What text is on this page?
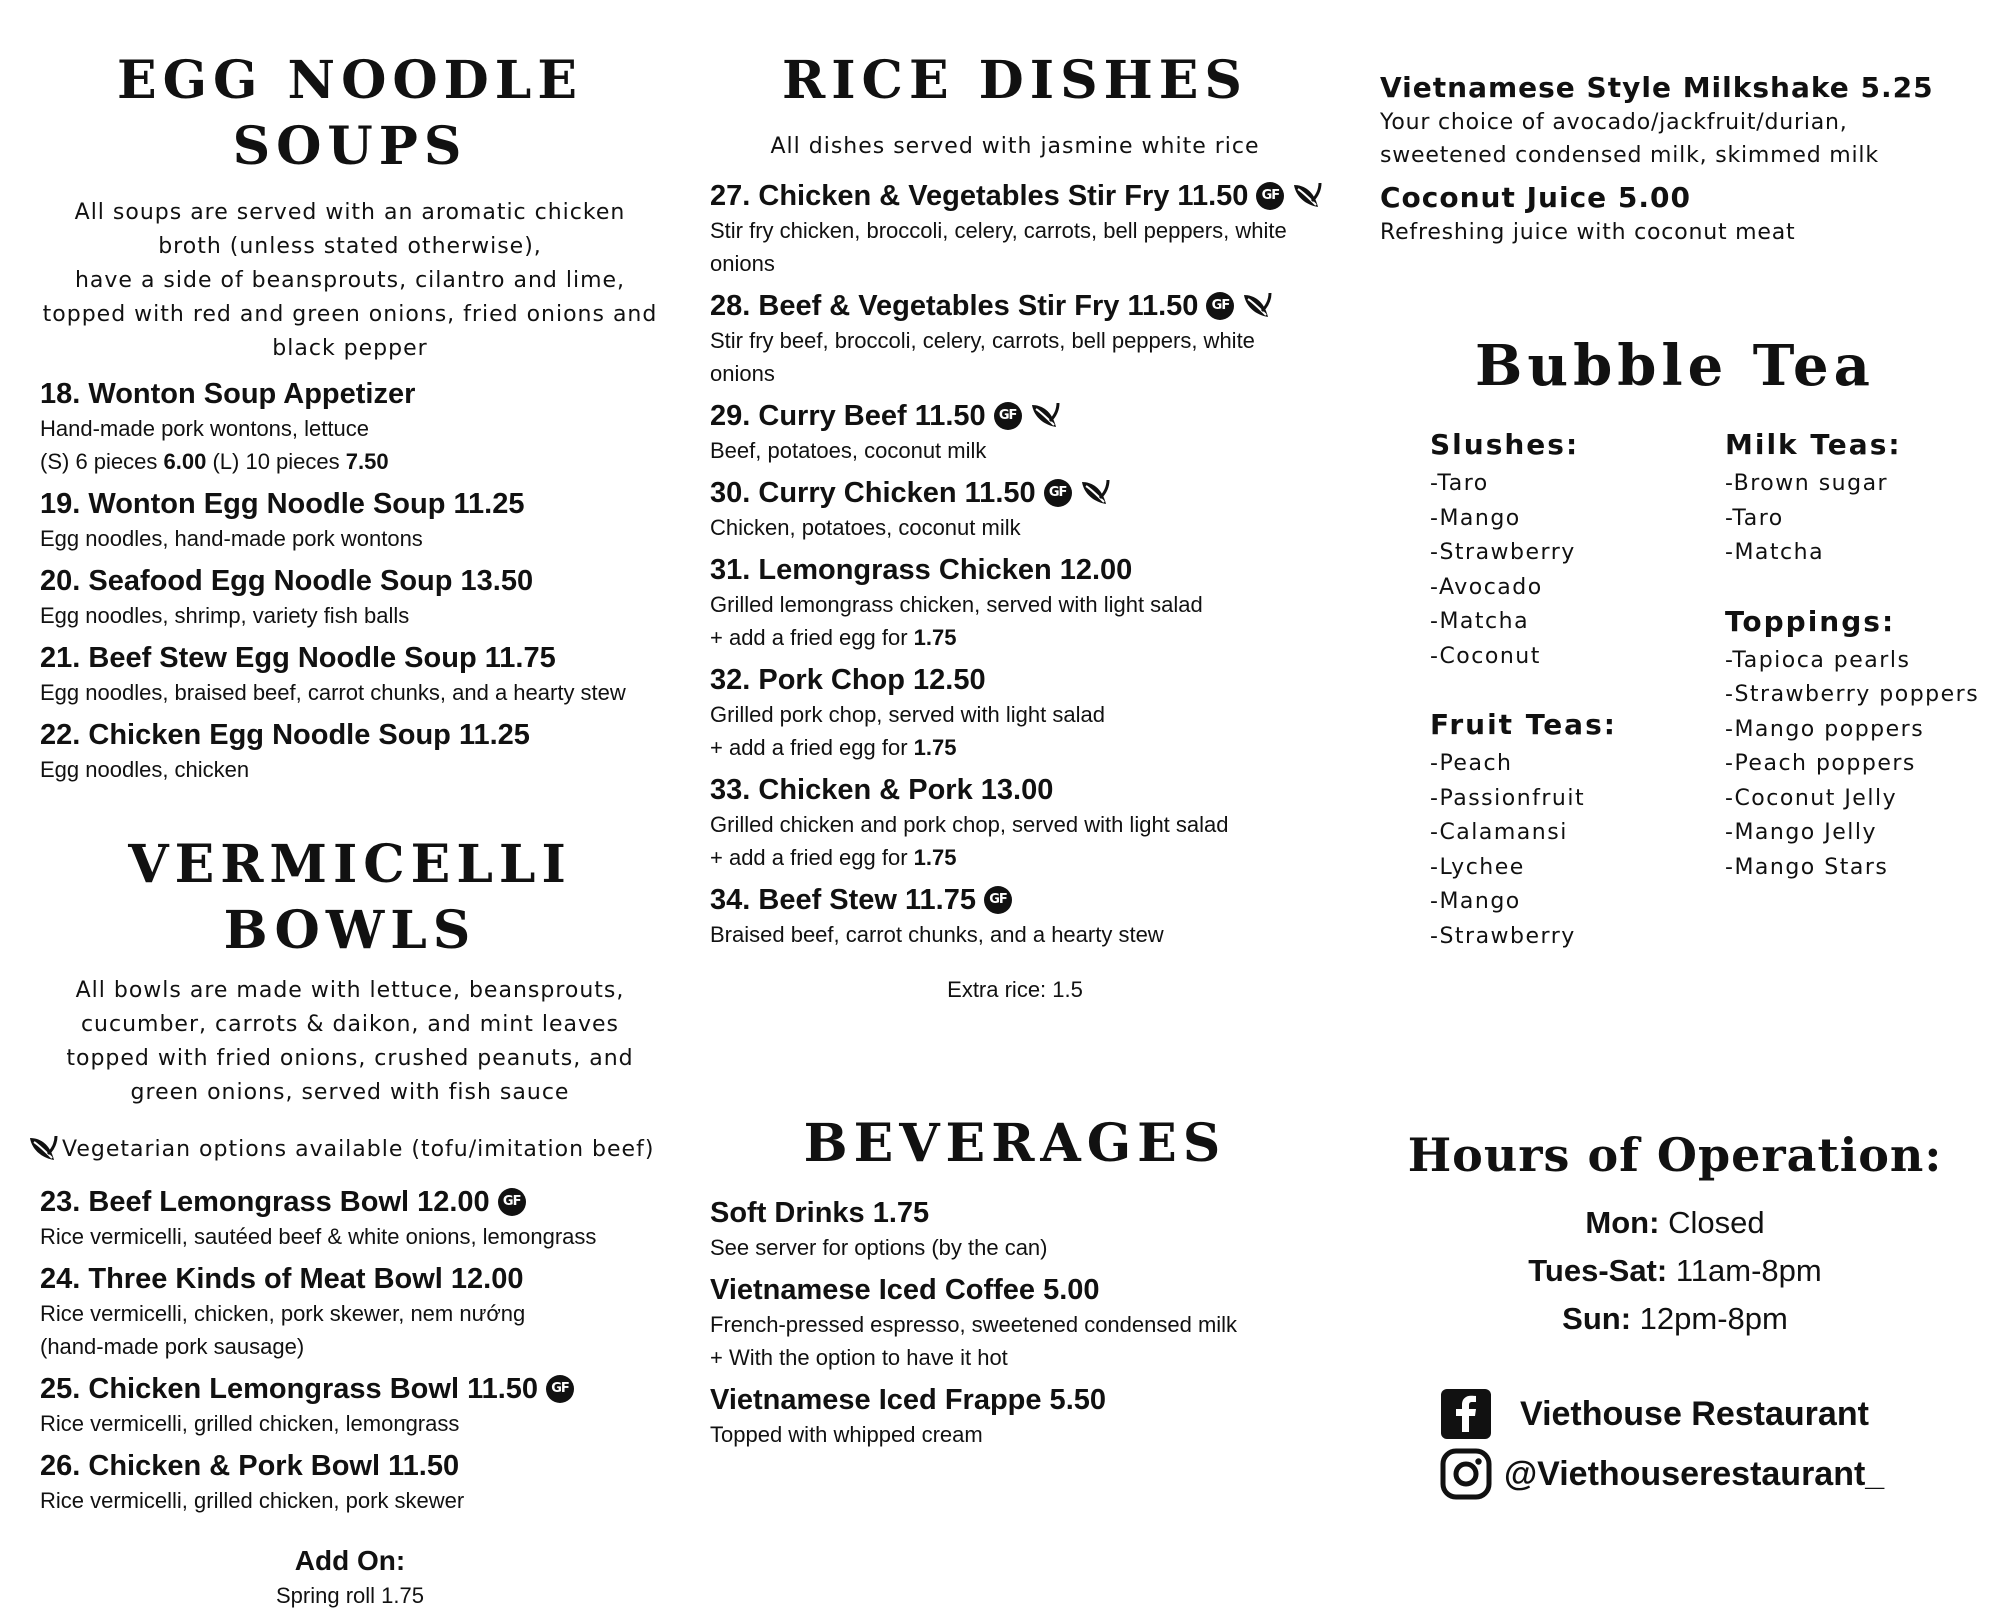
EGG NOODLE SOUPS

All soups are served with an aromatic chicken

broth (unless stated otherwise),

have a side of beansprouts, cilantro and lime,

topped with red and green onions, fried onions and

black pepper

18. Wonton Soup Appetizer

Hand-made pork wontons, lettuce

(S) 6 pieces 6.00 (L) 10 pieces 7.50

19. Wonton Egg Noodle Soup 11.25

Egg noodles, hand-made pork wontons

20. Seafood Egg Noodle Soup 13.50

Egg noodles, shrimp, variety fish balls

21. Beef Stew Egg Noodle Soup 11.75

Egg noodles, braised beef, carrot chunks, and a hearty stew

22. Chicken Egg Noodle Soup 11.25

Egg noodles, chicken

VERMICELLI BOWLS

All bowls are made with lettuce, beansprouts,

cucumber, carrots & daikon, and mint leaves

topped with fried onions, crushed peanuts, and

green onions, served with fish sauce

Vegetarian options available (tofu/imitation beef)

23. Beef Lemongrass Bowl 12.00	GF

Rice vermicelli, sautéed beef & white onions, lemongrass

24. Three Kinds of Meat Bowl 12.00

Rice vermicelli, chicken, pork skewer, nem nướng

(hand-made pork sausage)

25. Chicken Lemongrass Bowl 11.50	GF

Rice vermicelli, grilled chicken, lemongrass

26. Chicken & Pork Bowl 11.50

Rice vermicelli, grilled chicken, pork skewer

Add On:

Spring roll 1.75

RICE DISHES

All dishes served with jasmine white rice

27. Chicken & Vegetables Stir Fry 11.50	GF

Stir fry chicken, broccoli, celery, carrots, bell peppers, white

onions

28. Beef & Vegetables Stir Fry 11.50	GF

Stir fry beef, broccoli, celery, carrots, bell peppers, white

onions

29. Curry Beef 11.50	GF

Beef, potatoes, coconut milk

30. Curry Chicken 11.50	GF

Chicken, potatoes, coconut milk

31. Lemongrass Chicken 12.00

Grilled lemongrass chicken, served with light salad

+ add a fried egg for 1.75

32. Pork Chop 12.50

Grilled pork chop, served with light salad

+ add a fried egg for 1.75

33. Chicken & Pork 13.00

Grilled chicken and pork chop, served with light salad

+ add a fried egg for 1.75

34. Beef Stew 11.75	GF

Braised beef, carrot chunks, and a hearty stew

Extra rice: 1.5

BEVERAGES

Soft Drinks 1.75

See server for options (by the can)

Vietnamese Iced Coffee 5.00

French-pressed espresso, sweetened condensed milk

+ With the option to have it hot

Vietnamese Iced Frappe 5.50

Topped with whipped cream

Vietnamese Style Milkshake 5.25

Your choice of avocado/jackfruit/durian,

sweetened condensed milk, skimmed milk

Coconut Juice 5.00

Refreshing juice with coconut meat

Bubble Tea

Slushes:

-Taro

-Mango

-Strawberry

-Avocado

-Matcha

-Coconut

Fruit Teas:

-Peach

-Passionfruit

-Calamansi

-Lychee

-Mango

-Strawberry

Milk Teas:

-Brown sugar

-Taro

-Matcha

Toppings:

-Tapioca pearls

-Strawberry poppers

-Mango poppers

-Peach poppers

-Coconut Jelly

-Mango Jelly

-Mango Stars

Hours of Operation:

Mon: Closed

Tues-Sat: 11am-8pm

Sun: 12pm-8pm

Viethouse Restaurant
@Viethouserestaurant_
